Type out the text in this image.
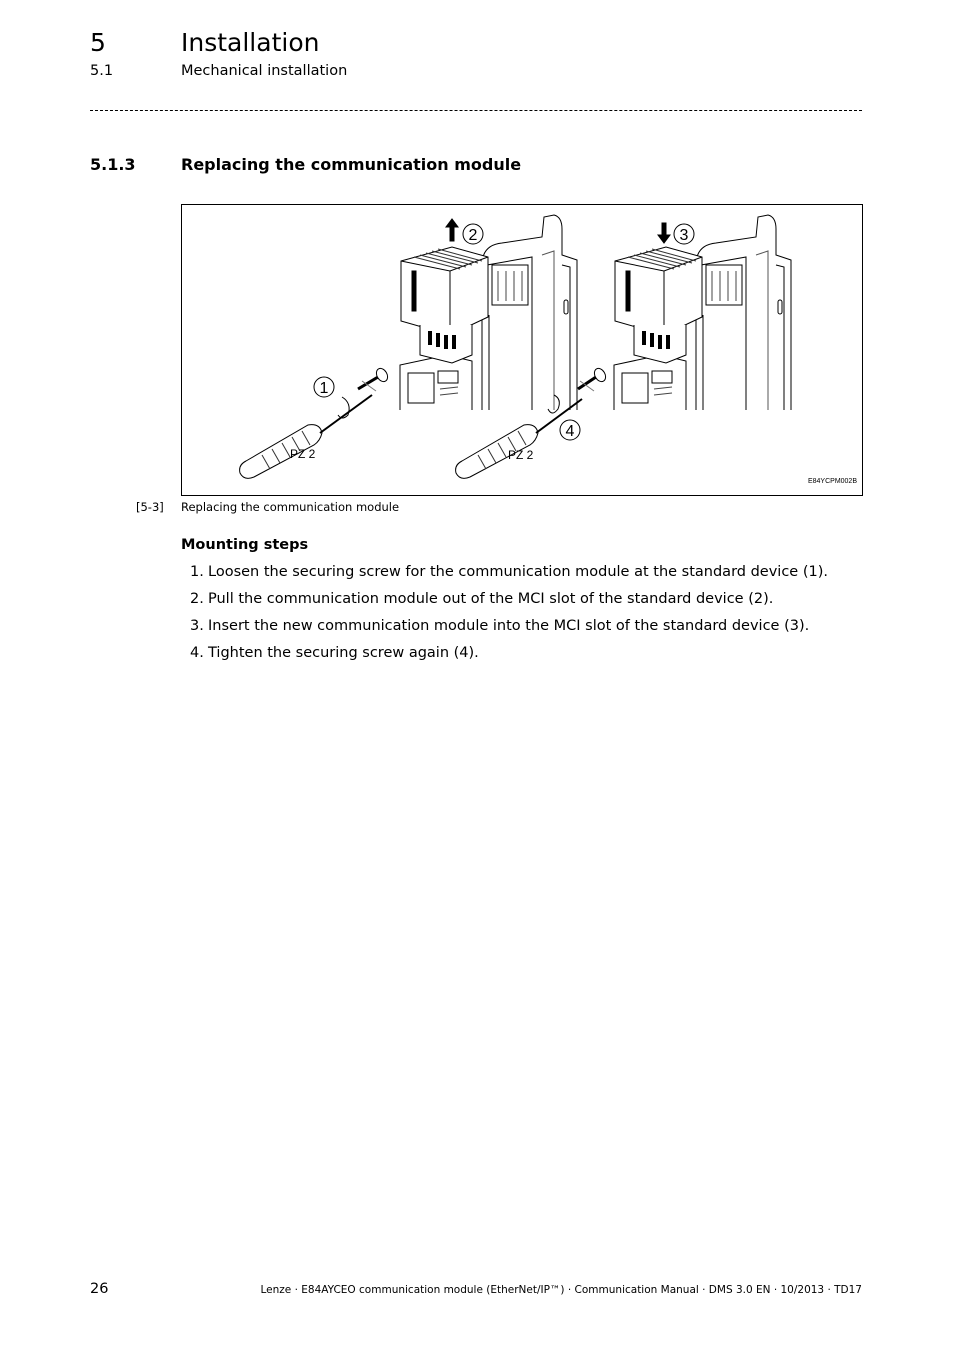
5	Installation
5.1	Mechanical installation
5.1.3	Replacing the communication module
1
2	3
4
PZ 2	PZ 2
E84YCPM002B
[5-3] Replacing the communication module
Mounting steps
1. Loosen the securing screw for the communication module at the standard device (1).
2. Pull the communication module out of the MCI slot of the standard device (2).
3. Insert the new communication module into the MCI slot of the standard device (3).
4. Tighten the securing screw again (4).
26	Lenze · E84AYCEO communication module (EtherNet/IP™) · Communication Manual · DMS 3.0 EN · 10/2013 · TD17
